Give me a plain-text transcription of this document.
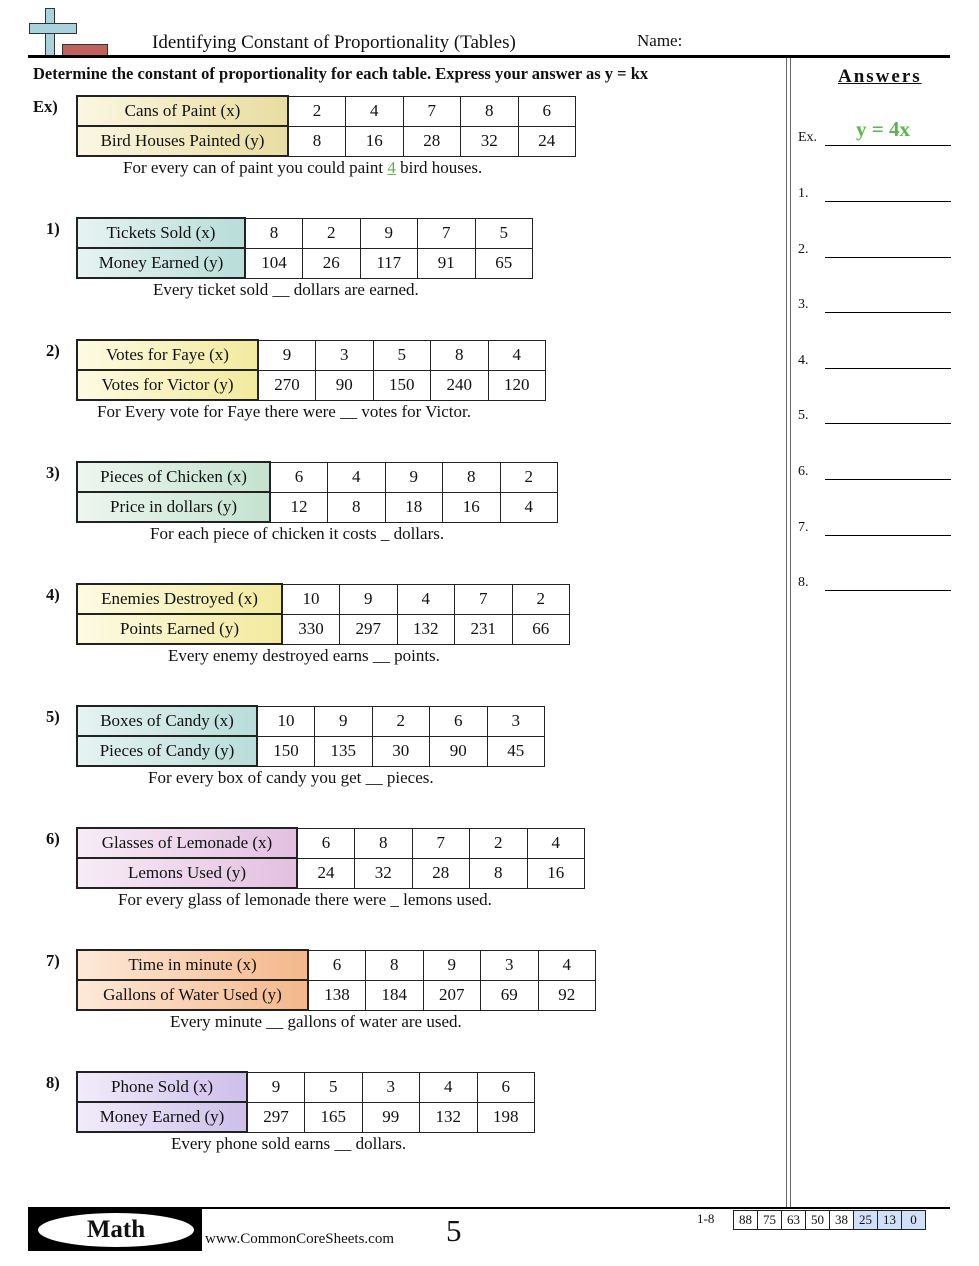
Identifying Constant of Proportionality (Tables)	Name:
Determine the constant of proportionality for each table. Express your answer as y = kx
Ex)	Cans of Paint (x)	2	4	7	8	6
Bird Houses Painted (y)	8	16	28	32	24
For every can of paint you could paint 4 bird houses.
1)	Tickets Sold (x)	8	2	9	7	5
Money Earned (y)	104	26	117	91	65
Every ticket sold __ dollars are earned.
2)	Votes for Faye (x)	9	3	5	8	4
Votes for Victor (y)	270	90	150	240	120
For Every vote for Faye there were __ votes for Victor.
3) Pieces of Chicken (x)	6	4	9	8	2
Price in dollars (y)	12	8	18	16	4
For each piece of chicken it costs _ dollars.
4) Enemies Destroyed (x)	10	9	4	7	2
Points Earned (y)	330	297	132	231	66
Every enemy destroyed earns __ points.
5) Boxes of Candy (x)	10	9	2	6	3
Pieces of Candy (y)	150	135	30	90	45
For every box of candy you get __ pieces.
6) Glasses of Lemonade (x)	6	8	7	2	4
Lemons Used (y)	24	32	28	8	16
For every glass of lemonade there were _ lemons used.
7)	Time in minute (x)	6	8	9	3	4
Gallons of Water Used (y)	138	184	207	69	92
Every minute __ gallons of water are used.
8)	Phone Sold (x)	9	5	3	4	6
Money Earned (y)	297	165	99	132	198
Every phone sold earns __ dollars.
Answers
Ex. y = 4x
1.
2.
3.
4.
5.
6.
7.
8.
Math	www.CommonCoreSheets.com 5	1-8 88	75	63	50	38	25	13	0
